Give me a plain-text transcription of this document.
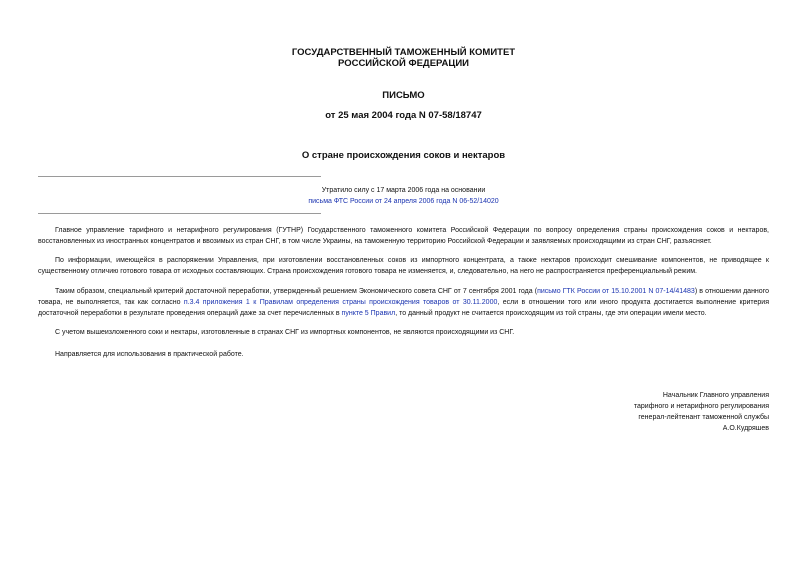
ГОСУДАРСТВЕННЫЙ ТАМОЖЕННЫЙ КОМИТЕТ
РОССИЙСКОЙ ФЕДЕРАЦИИ
ПИСЬМО
от 25 мая 2004 года N 07-58/18747
О стране происхождения соков и нектаров
Утратило силу с 17 марта 2006 года на основании
письма ФТС России от 24 апреля 2006 года N 06-52/14020

Главное управление тарифного и нетарифного регулирования (ГУТНР) Государственного таможенного комитета Российской Федерации по вопросу определения страны происхождения соков и нектаров, восстановленных из иностранных концентратов и ввозимых из стран СНГ, в том числе Украины, на таможенную территорию Российской Федерации и заявляемых происходящими из стран СНГ, разъясняет.

По информации, имеющейся в распоряжении Управления, при изготовлении восстановленных соков из импортного концентрата, а также нектаров происходит смешивание компонентов, не приводящее к существенному отличию готового товара от исходных составляющих. Страна происхождения готового товара не изменяется, и, следовательно, на него не распространяется преференциальный режим.

Таким образом, специальный критерий достаточной переработки, утвержденный решением Экономического совета СНГ от 7 сентября 2001 года (письмо ГТК России от 15.10.2001 N 07-14/41483) в отношении данного товара, не выполняется, так как согласно п.3.4 приложения 1 к Правилам определения страны происхождения товаров от 30.11.2000, если в отношении того или иного продукта достигается выполнение критерия достаточной переработки в результате проведения операций даже за счет перечисленных в пункте 5 Правил, то данный продукт не считается происходящим из той страны, где эти операции имели место.

С учетом вышеизложенного соки и нектары, изготовленные в странах СНГ из импортных компонентов, не являются происходящими из СНГ.

Направляется для использования в практической работе.

Начальник Главного управления
тарифного и нетарифного регулирования
генерал-лейтенант таможенной службы
А.О.Кудряшев
